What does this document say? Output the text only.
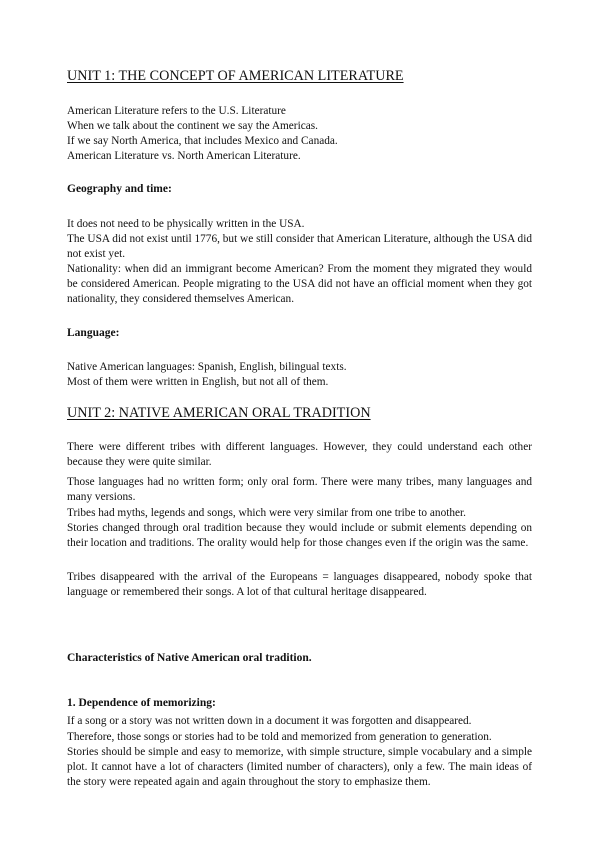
UNIT 1: THE CONCEPT OF AMERICAN LITERATURE
American Literature refers to the U.S. Literature
When we talk about the continent we say the Americas.
If we say North America, that includes Mexico and Canada.
American Literature vs. North American Literature.
Geography and time:
It does not need to be physically written in the USA.

The USA did not exist until 1776, but we still consider that American Literature, although the USA did not exist yet.

Nationality: when did an immigrant become American? From the moment they migrated they would be considered American. People migrating to the USA did not have an official moment when they got nationality, they considered themselves American.

Language:
Native American languages: Spanish, English, bilingual texts.
Most of them were written in English, but not all of them.
UNIT 2: NATIVE AMERICAN ORAL TRADITION

There were different tribes with different languages. However, they could understand each other because they were quite similar.

Those languages had no written form; only oral form. There were many tribes, many languages and many versions.

Tribes had myths, legends and songs, which were very similar from one tribe to another.

Stories changed through oral tradition because they would include or submit elements depending on their location and traditions. The orality would help for those changes even if the origin was the same.

Tribes disappeared with the arrival of the Europeans = languages disappeared, nobody spoke that language or remembered their songs. A lot of that cultural heritage disappeared.

Characteristics of Native American oral tradition.
1. Dependence of memorizing:

If a song or a story was not written down in a document it was forgotten and disappeared.

Therefore, those songs or stories had to be told and memorized from generation to generation.

Stories should be simple and easy to memorize, with simple structure, simple vocabulary and a simple plot. It cannot have a lot of characters (limited number of characters), only a few. The main ideas of the story were repeated again and again throughout the story to emphasize them.
